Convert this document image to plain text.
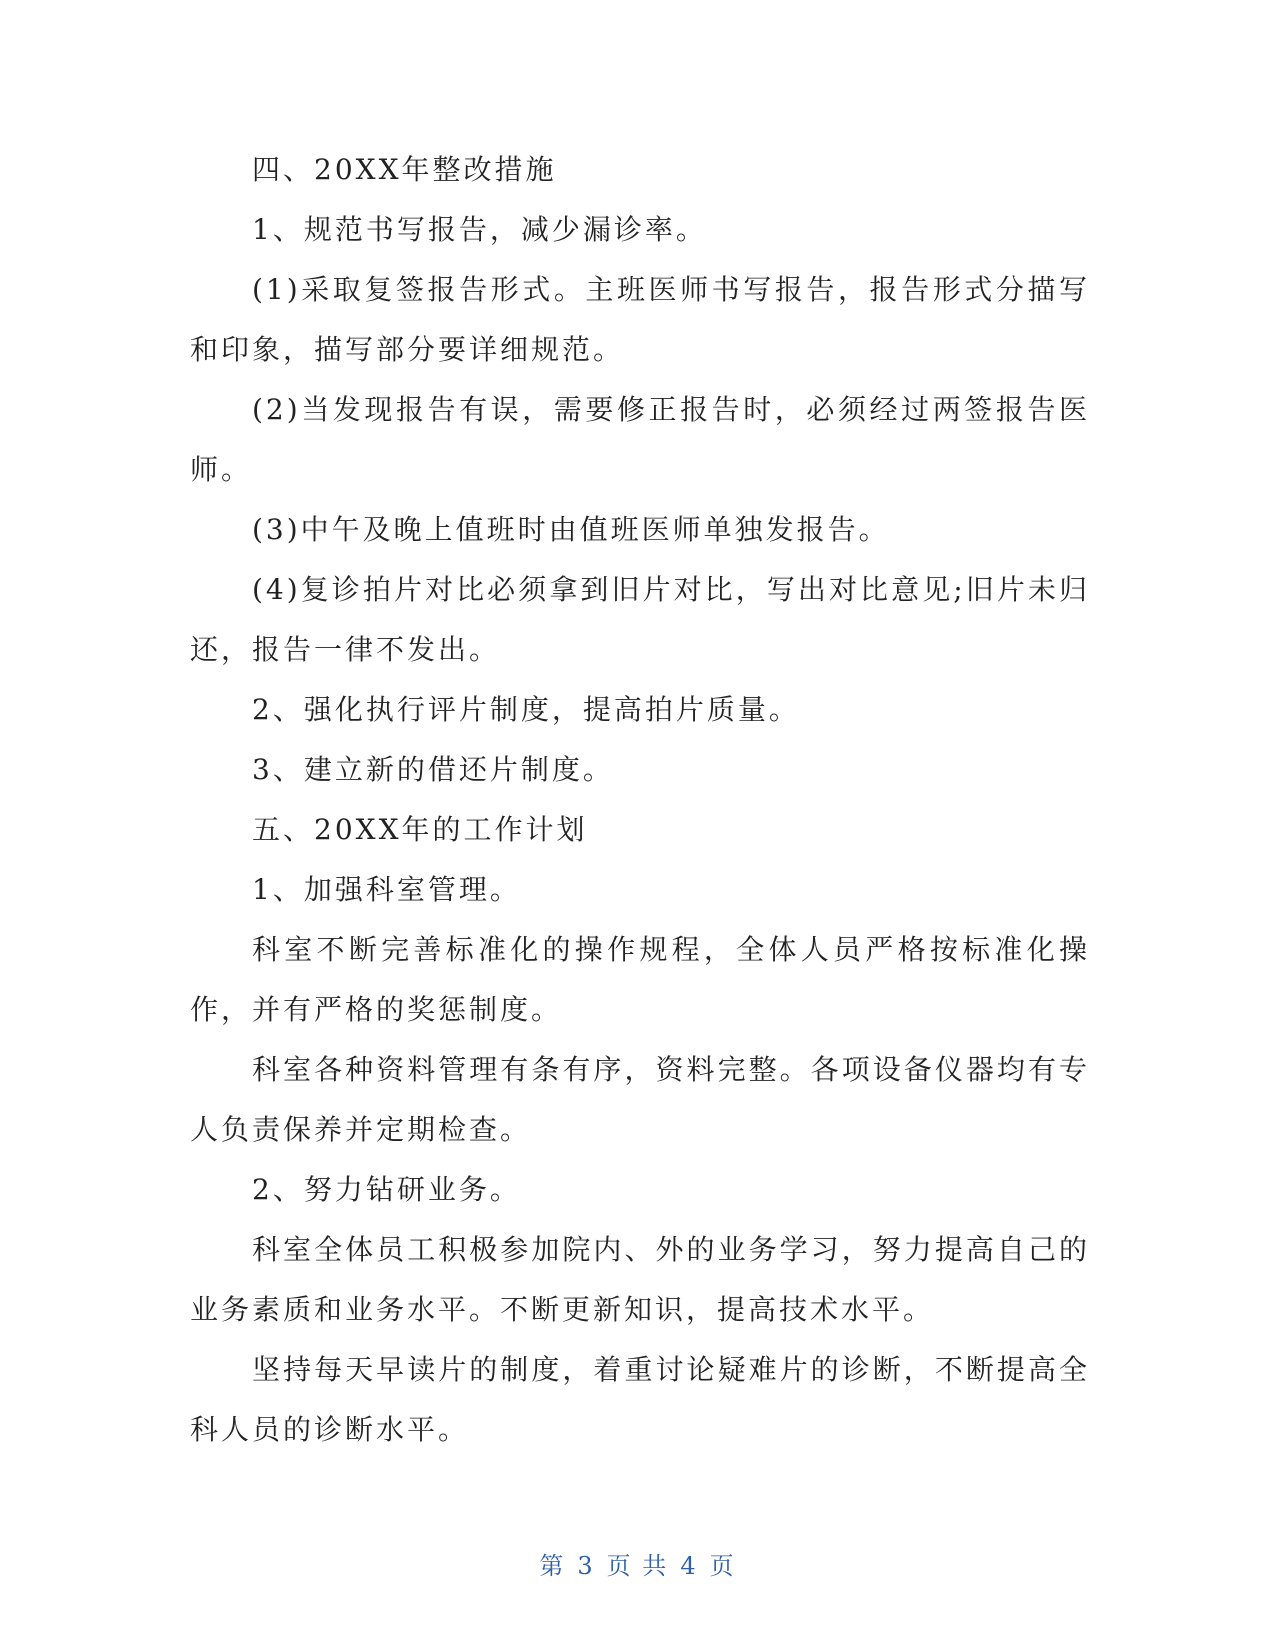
四、20XX年整改措施

1、规范书写报告，减少漏诊率。

(1)采取复签报告形式。主班医师书写报告，报告形式分描写和印象，描写部分要详细规范。

(2)当发现报告有误，需要修正报告时，必须经过两签报告医师。

(3)中午及晚上值班时由值班医师单独发报告。

(4)复诊拍片对比必须拿到旧片对比，写出对比意见;旧片未归还，报告一律不发出。

2、强化执行评片制度，提高拍片质量。

3、建立新的借还片制度。

五、20XX年的工作计划

1、加强科室管理。

科室不断完善标准化的操作规程，全体人员严格按标准化操作，并有严格的奖惩制度。

科室各种资料管理有条有序，资料完整。各项设备仪器均有专人负责保养并定期检查。

2、努力钻研业务。

科室全体员工积极参加院内、外的业务学习，努力提高自己的业务素质和业务水平。不断更新知识，提高技术水平。

坚持每天早读片的制度，着重讨论疑难片的诊断，不断提高全科人员的诊断水平。

第 3 页 共 4 页
